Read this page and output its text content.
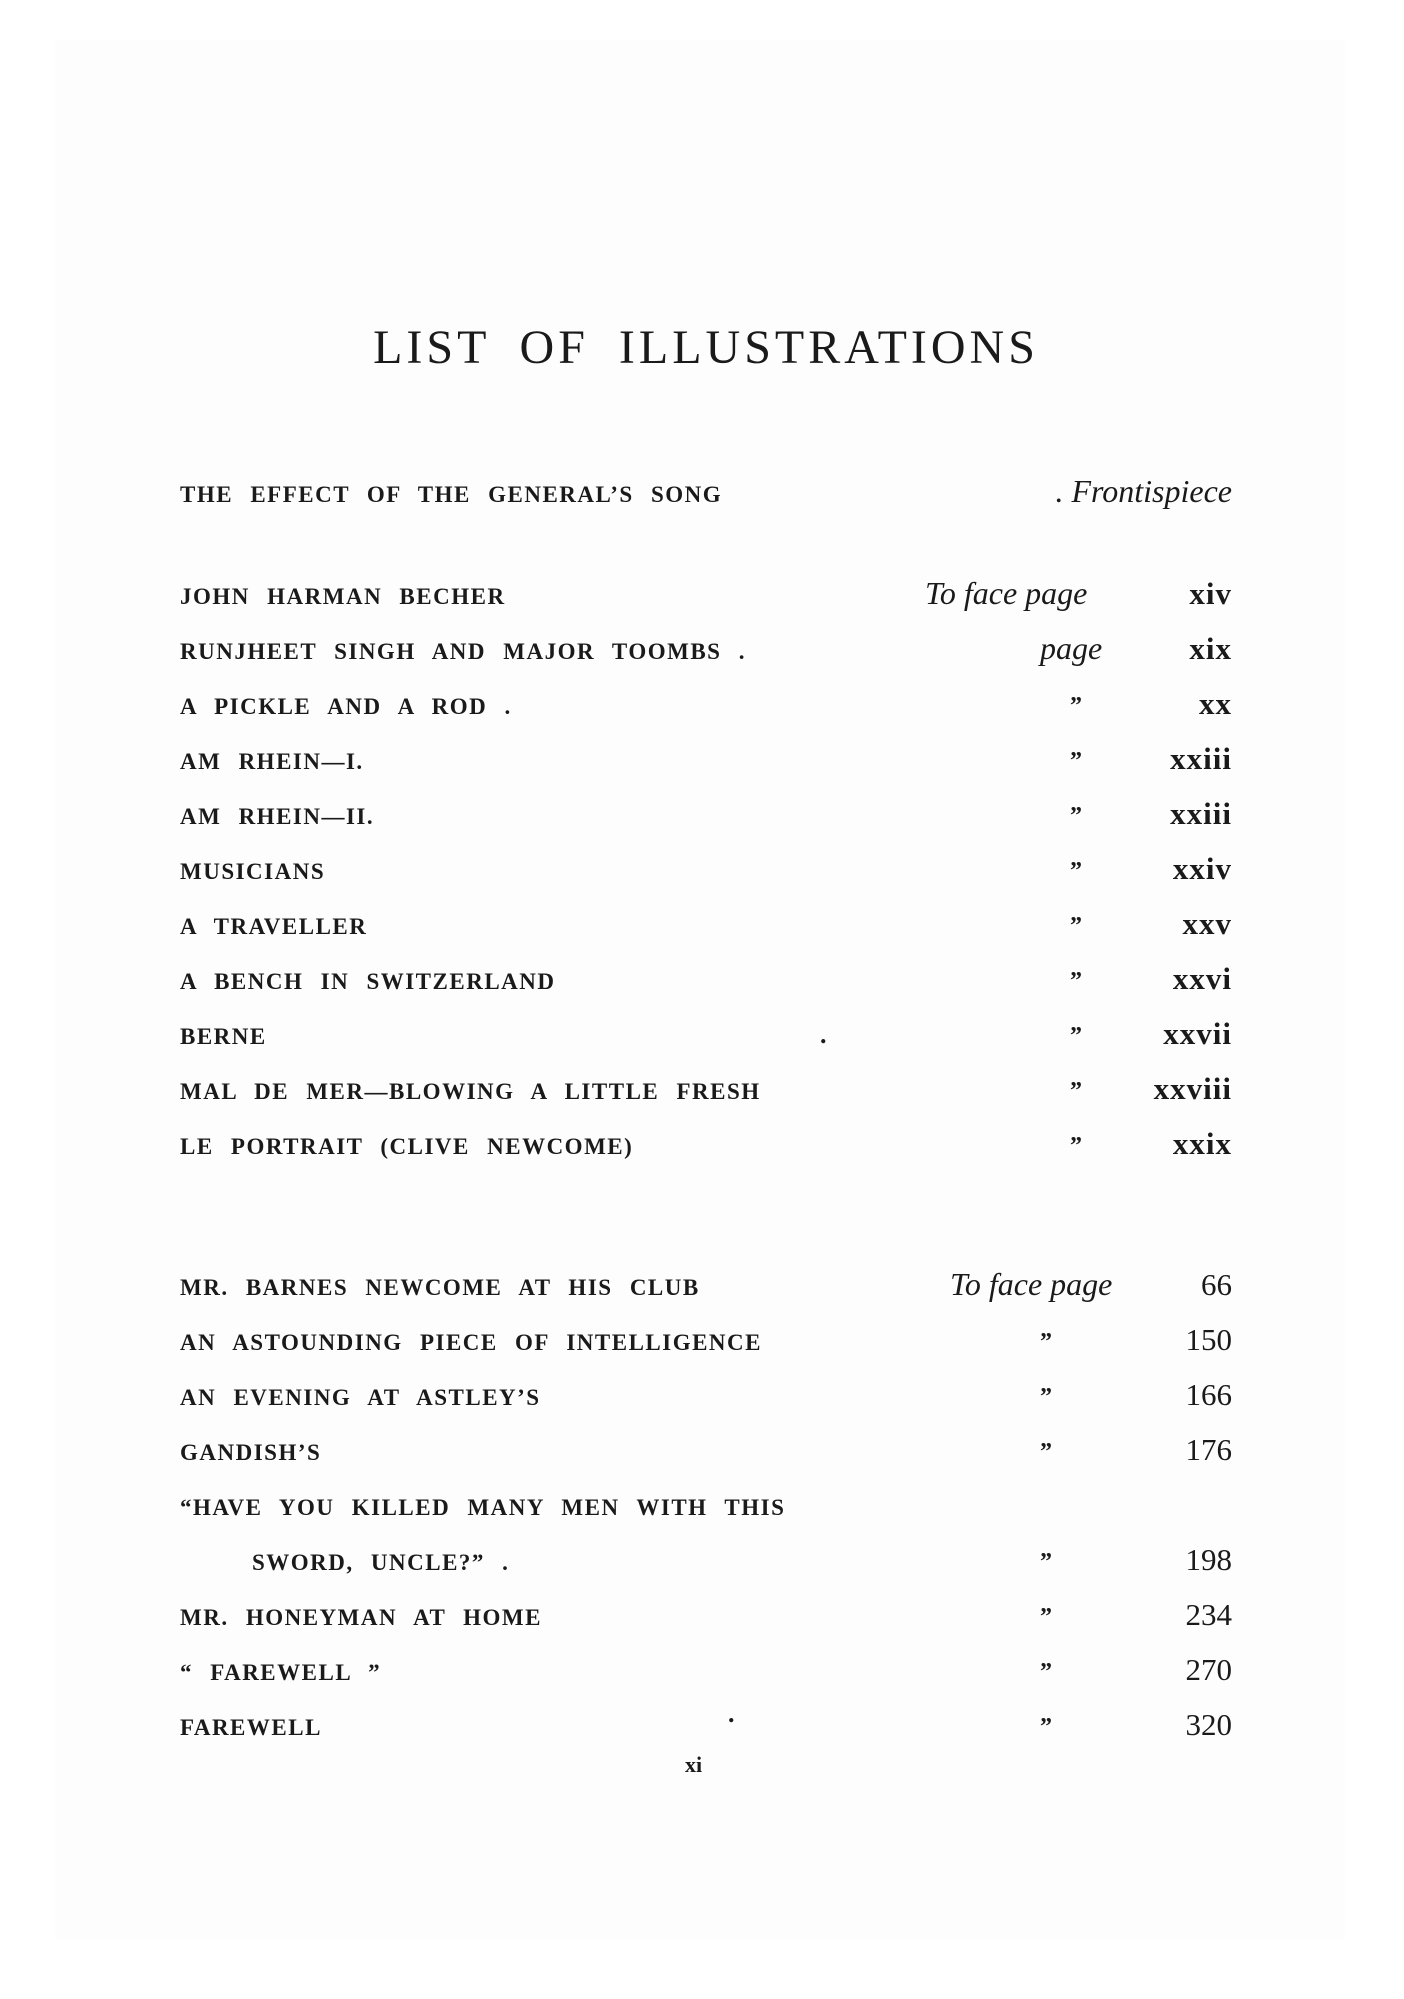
LIST OF ILLUSTRATIONS
THE EFFECT OF THE GENERAL’S SONG	. Frontispiece
JOHN HARMAN BECHER	To face page	xiv
RUNJHEET SINGH AND MAJOR TOOMBS .	page	xix
A PICKLE AND A ROD .	”	xx
AM RHEIN—I.	”	xxiii
AM RHEIN—II.	”	xxiii
MUSICIANS	”	xxiv
A TRAVELLER	”	xxv
A BENCH IN SWITZERLAND	”	xxvi
BERNE	.	”	xxvii
MAL DE MER—BLOWING A LITTLE FRESH	” xxviii
LE PORTRAIT (CLIVE NEWCOME)	”	xxix
MR. BARNES NEWCOME AT HIS CLUB	To face page	66
AN ASTOUNDING PIECE OF INTELLIGENCE	”	150
AN EVENING AT ASTLEY’S	”	166
GANDISH’S	”	176
“HAVE YOU KILLED MANY MEN WITH THIS
SWORD, UNCLE?” .	”	198
MR. HONEYMAN AT HOME	”	234
“ FAREWELL ”	”	270
FAREWELL	.	”	320
xi
